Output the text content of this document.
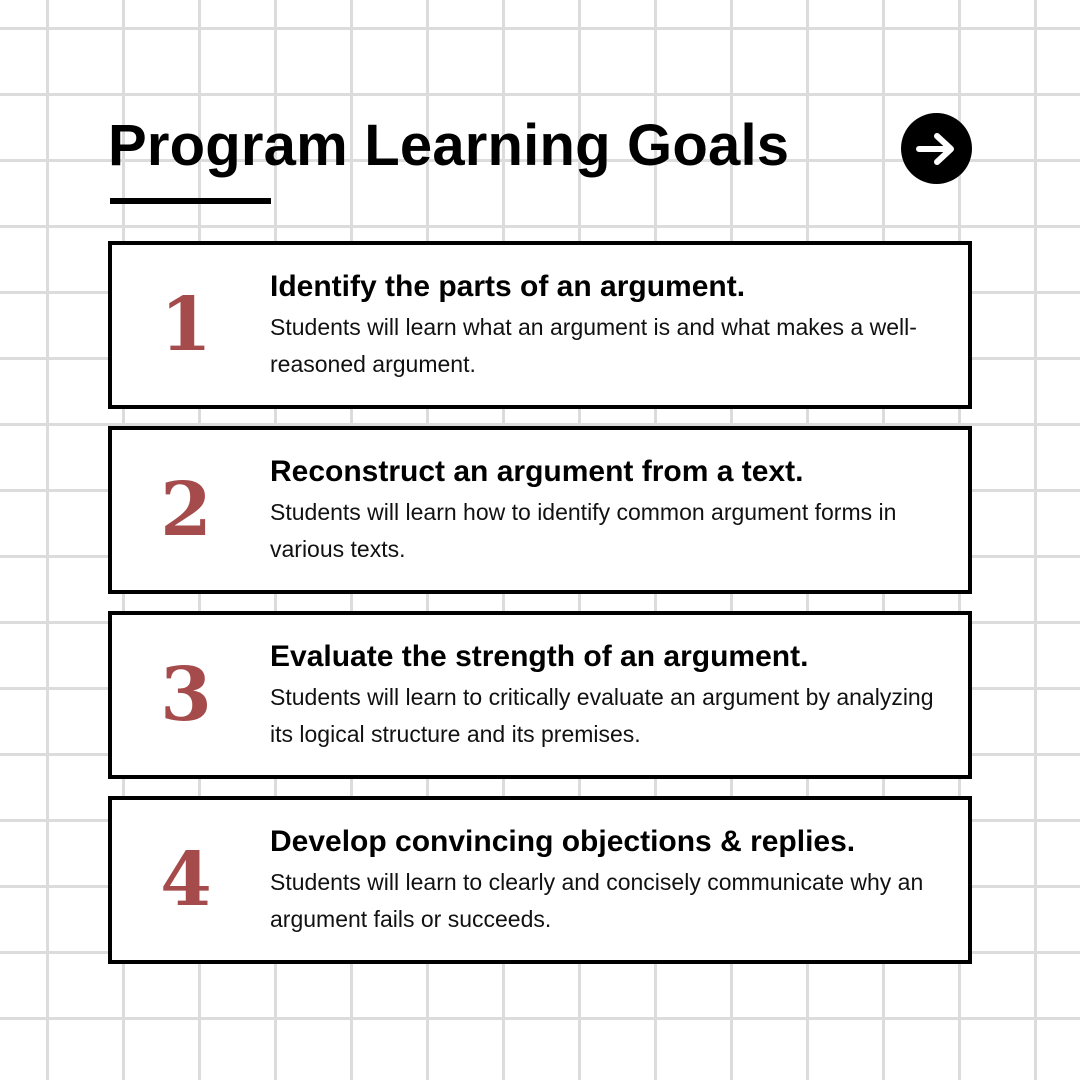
Program Learning Goals
1	Identify the parts of an argument.

Students will learn what an argument is and what makes a well-reasoned argument.

2	Reconstruct an argument from a text.

Students will learn how to identify common argument forms in various texts.

3	Evaluate the strength of an argument.

Students will learn to critically evaluate an argument by analyzing its logical structure and its premises.

4	Develop convincing objections & replies.

Students will learn to clearly and concisely communicate why an argument fails or succeeds.
